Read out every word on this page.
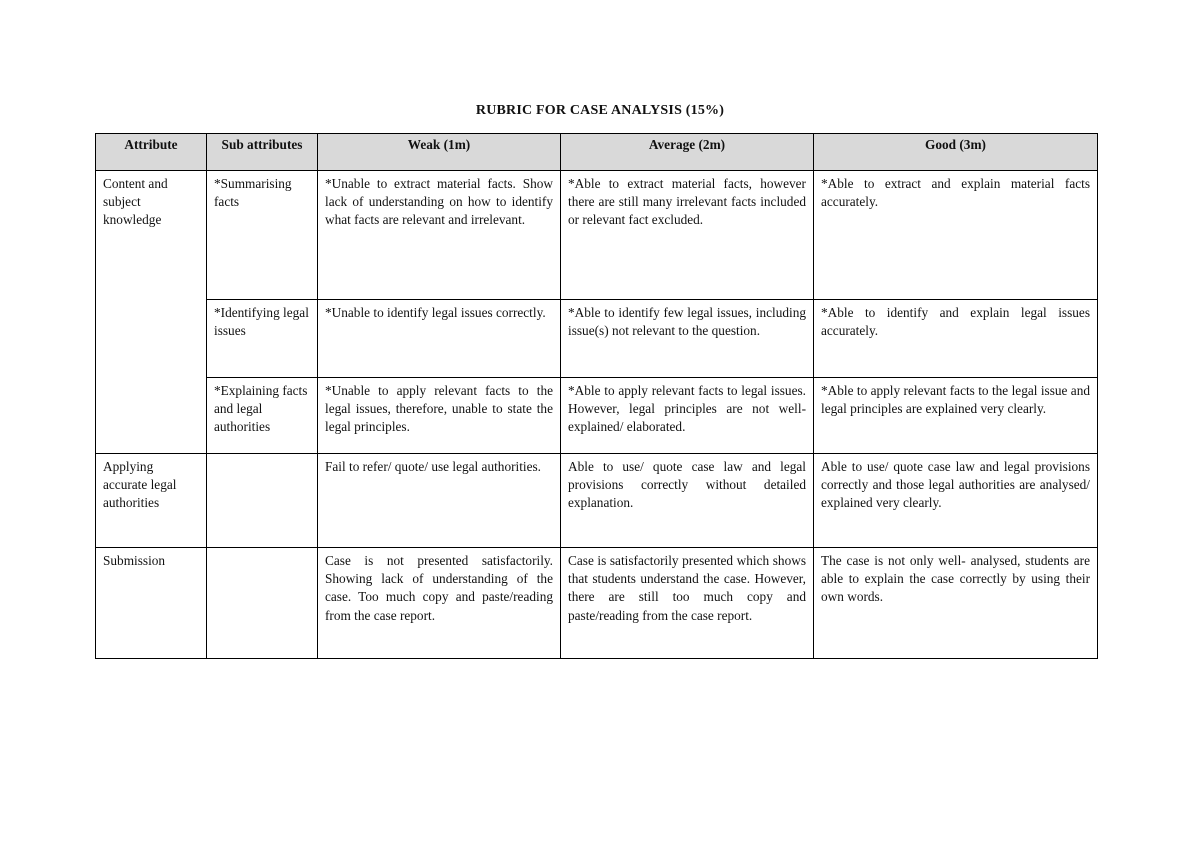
RUBRIC FOR CASE ANALYSIS (15%)
Attribute	Sub attributes	Weak (1m)	Average (2m)	Good (3m)
Content and subject knowledge	*Summarising facts	*Unable to extract material facts. Show lack of understanding on how to identify what facts are relevant and irrelevant.	*Able to extract material facts, however there are still many irrelevant facts included or relevant fact excluded.	*Able to extract and explain material facts accurately.
	*Identifying legal issues	*Unable to identify legal issues correctly.	*Able to identify few legal issues, including issue(s) not relevant to the question.	*Able to identify and explain legal issues accurately.
	*Explaining facts and legal authorities	*Unable to apply relevant facts to the legal issues, therefore, unable to state the legal principles.	*Able to apply relevant facts to legal issues. However, legal principles are not well- explained/ elaborated.	*Able to apply relevant facts to the legal issue and legal principles are explained very clearly.
Applying accurate legal authorities		Fail to refer/ quote/ use legal authorities.	Able to use/ quote case law and legal provisions correctly without detailed explanation.	Able to use/ quote case law and legal provisions correctly and those legal authorities are analysed/ explained very clearly.
Submission		Case is not presented satisfactorily. Showing lack of understanding of the case. Too much copy and paste/reading from the case report.	Case is satisfactorily presented which shows that students understand the case. However, there are still too much copy and paste/reading from the case report.	The case is not only well- analysed, students are able to explain the case correctly by using their own words.
